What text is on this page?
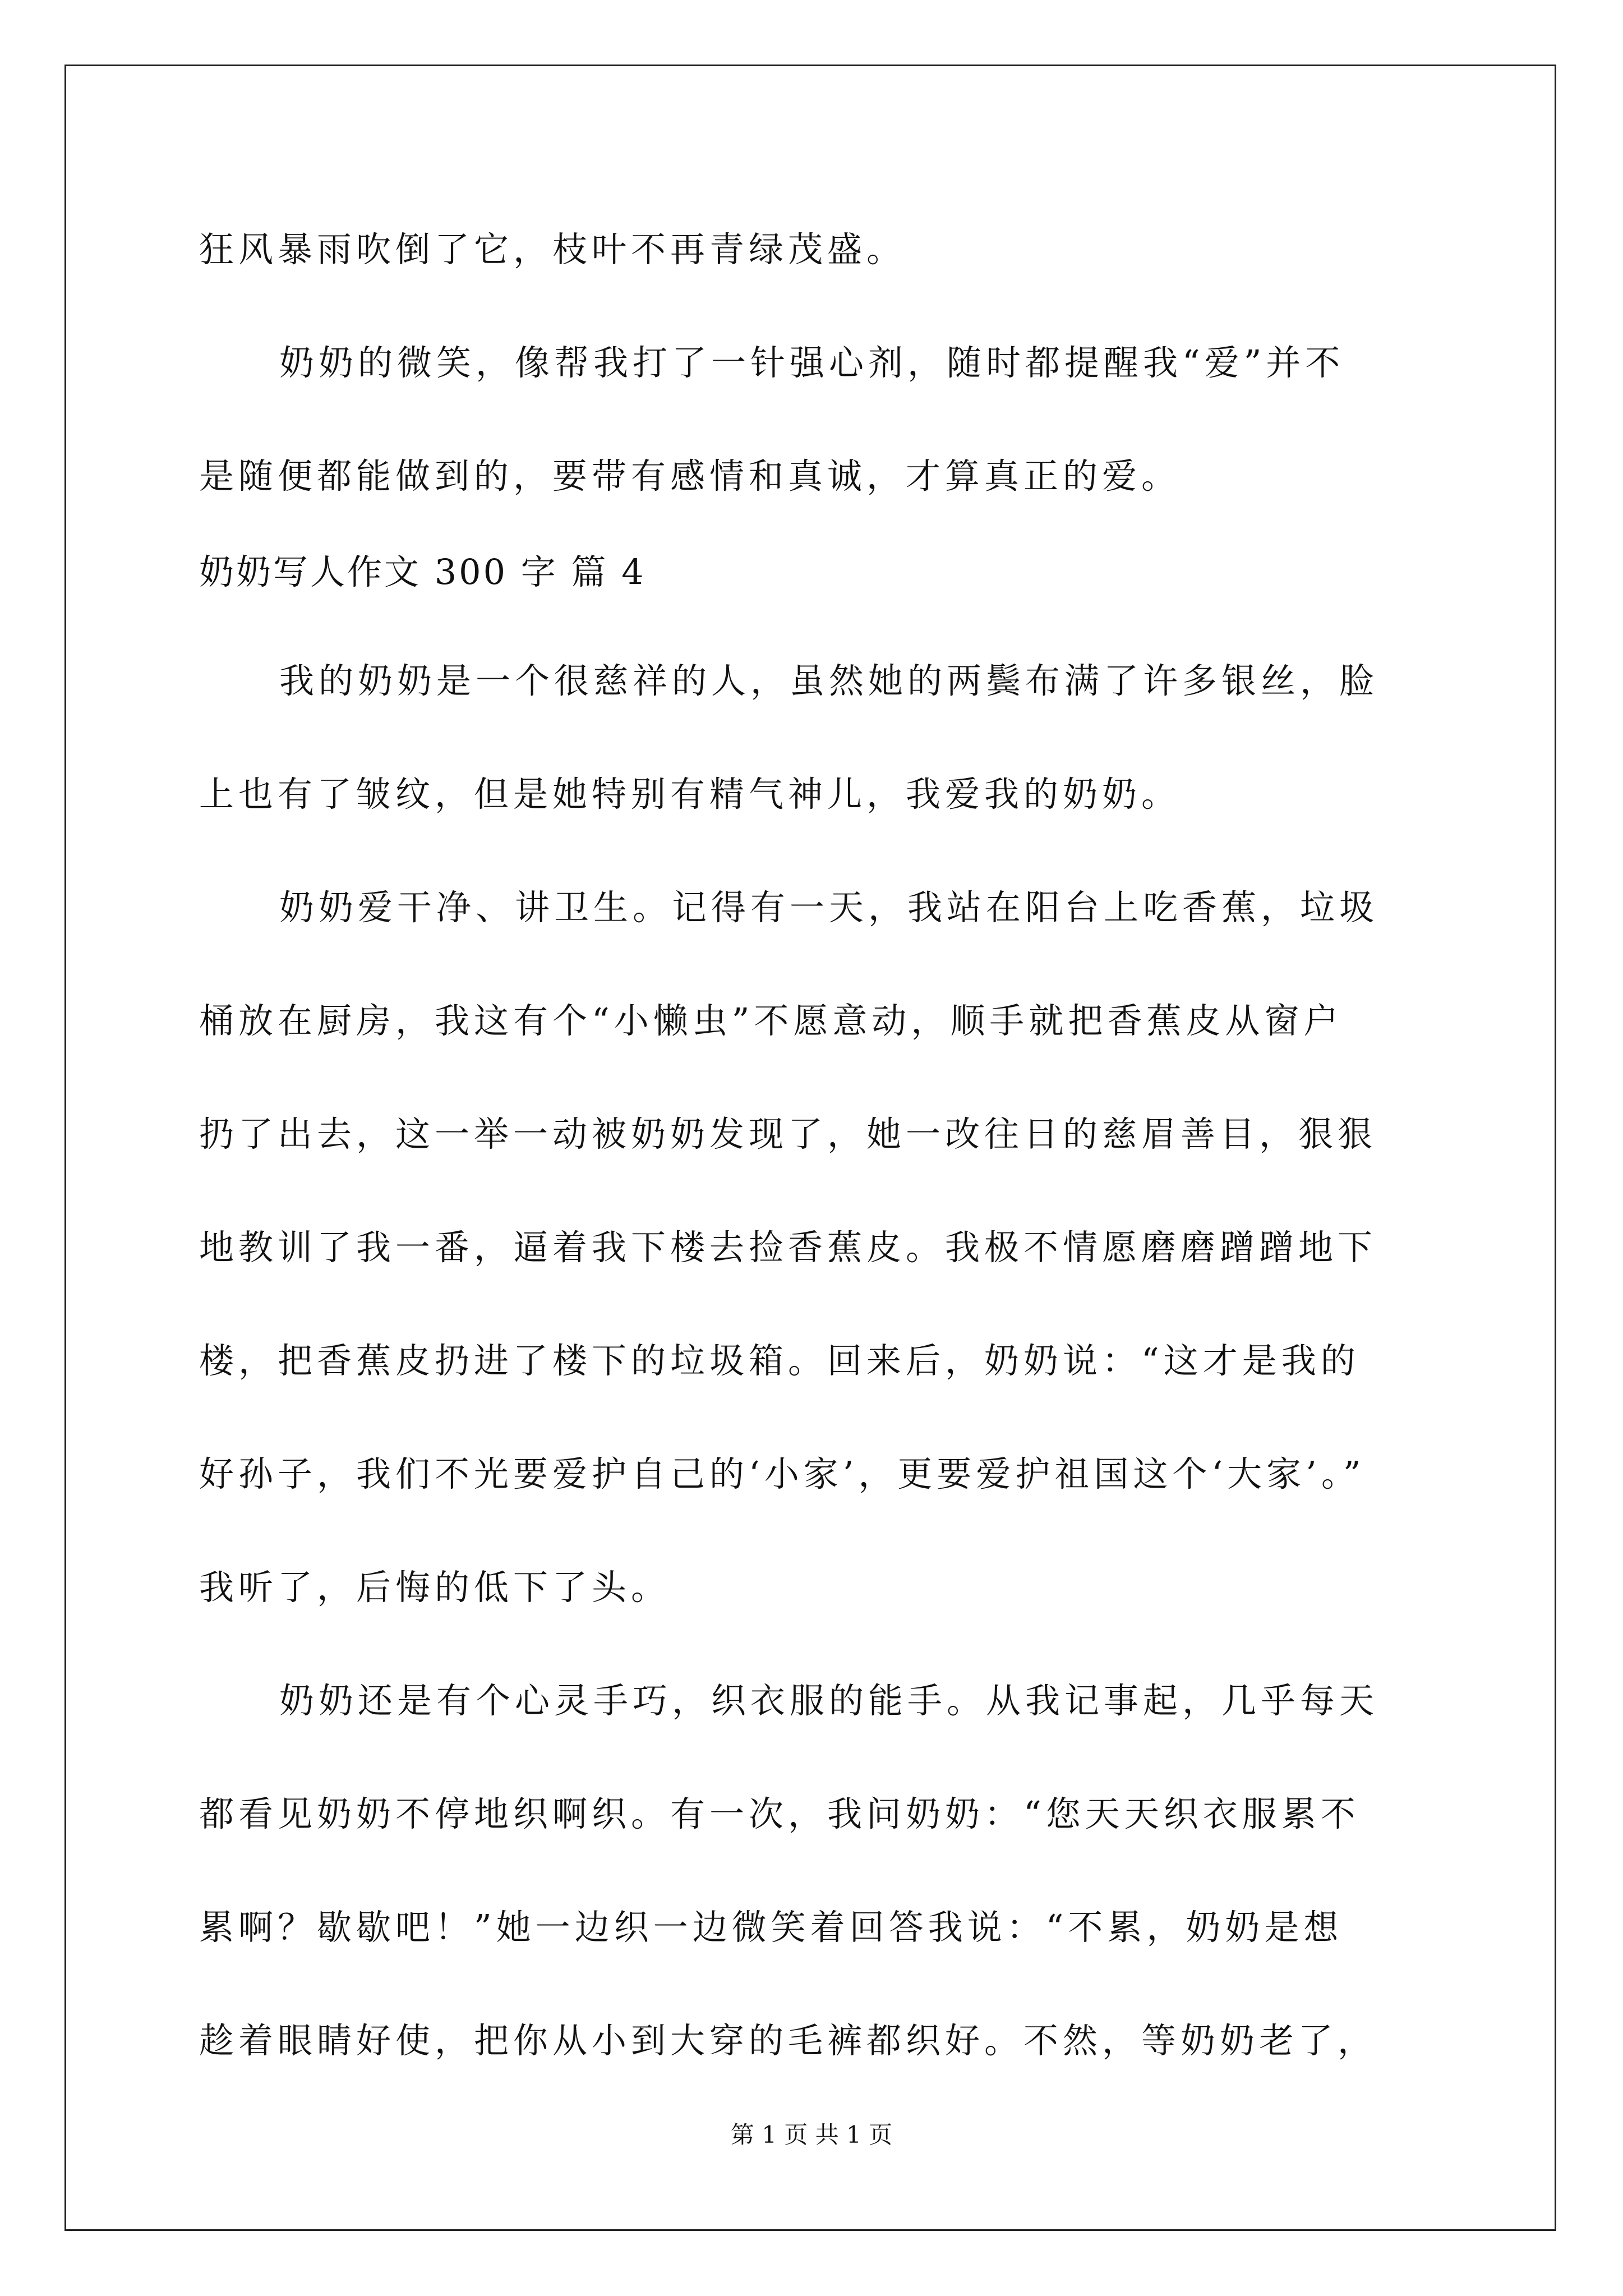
狂风暴雨吹倒了它，枝叶不再青绿茂盛。

奶奶的微笑，像帮我打了一针强心剂，随时都提醒我“爱”并不

是随便都能做到的，要带有感情和真诚，才算真正的爱。

奶奶写人作文 300 字 篇 4

我的奶奶是一个很慈祥的人，虽然她的两鬓布满了许多银丝，脸

上也有了皱纹，但是她特别有精气神儿，我爱我的奶奶。

奶奶爱干净、讲卫生。记得有一天，我站在阳台上吃香蕉，垃圾

桶放在厨房，我这有个“小懒虫”不愿意动，顺手就把香蕉皮从窗户

扔了出去，这一举一动被奶奶发现了，她一改往日的慈眉善目，狠狠

地教训了我一番，逼着我下楼去捡香蕉皮。我极不情愿磨磨蹭蹭地下

楼，把香蕉皮扔进了楼下的垃圾箱。回来后，奶奶说：“这才是我的

好孙子，我们不光要爱护自己的‘小家’，更要爱护祖国这个‘大家’。”

我听了，后悔的低下了头。

奶奶还是有个心灵手巧，织衣服的能手。从我记事起，几乎每天

都看见奶奶不停地织啊织。有一次，我问奶奶：“您天天织衣服累不

累啊？歇歇吧！”她一边织一边微笑着回答我说：“不累，奶奶是想

趁着眼睛好使，把你从小到大穿的毛裤都织好。不然，等奶奶老了，

第 1 页 共 1 页
